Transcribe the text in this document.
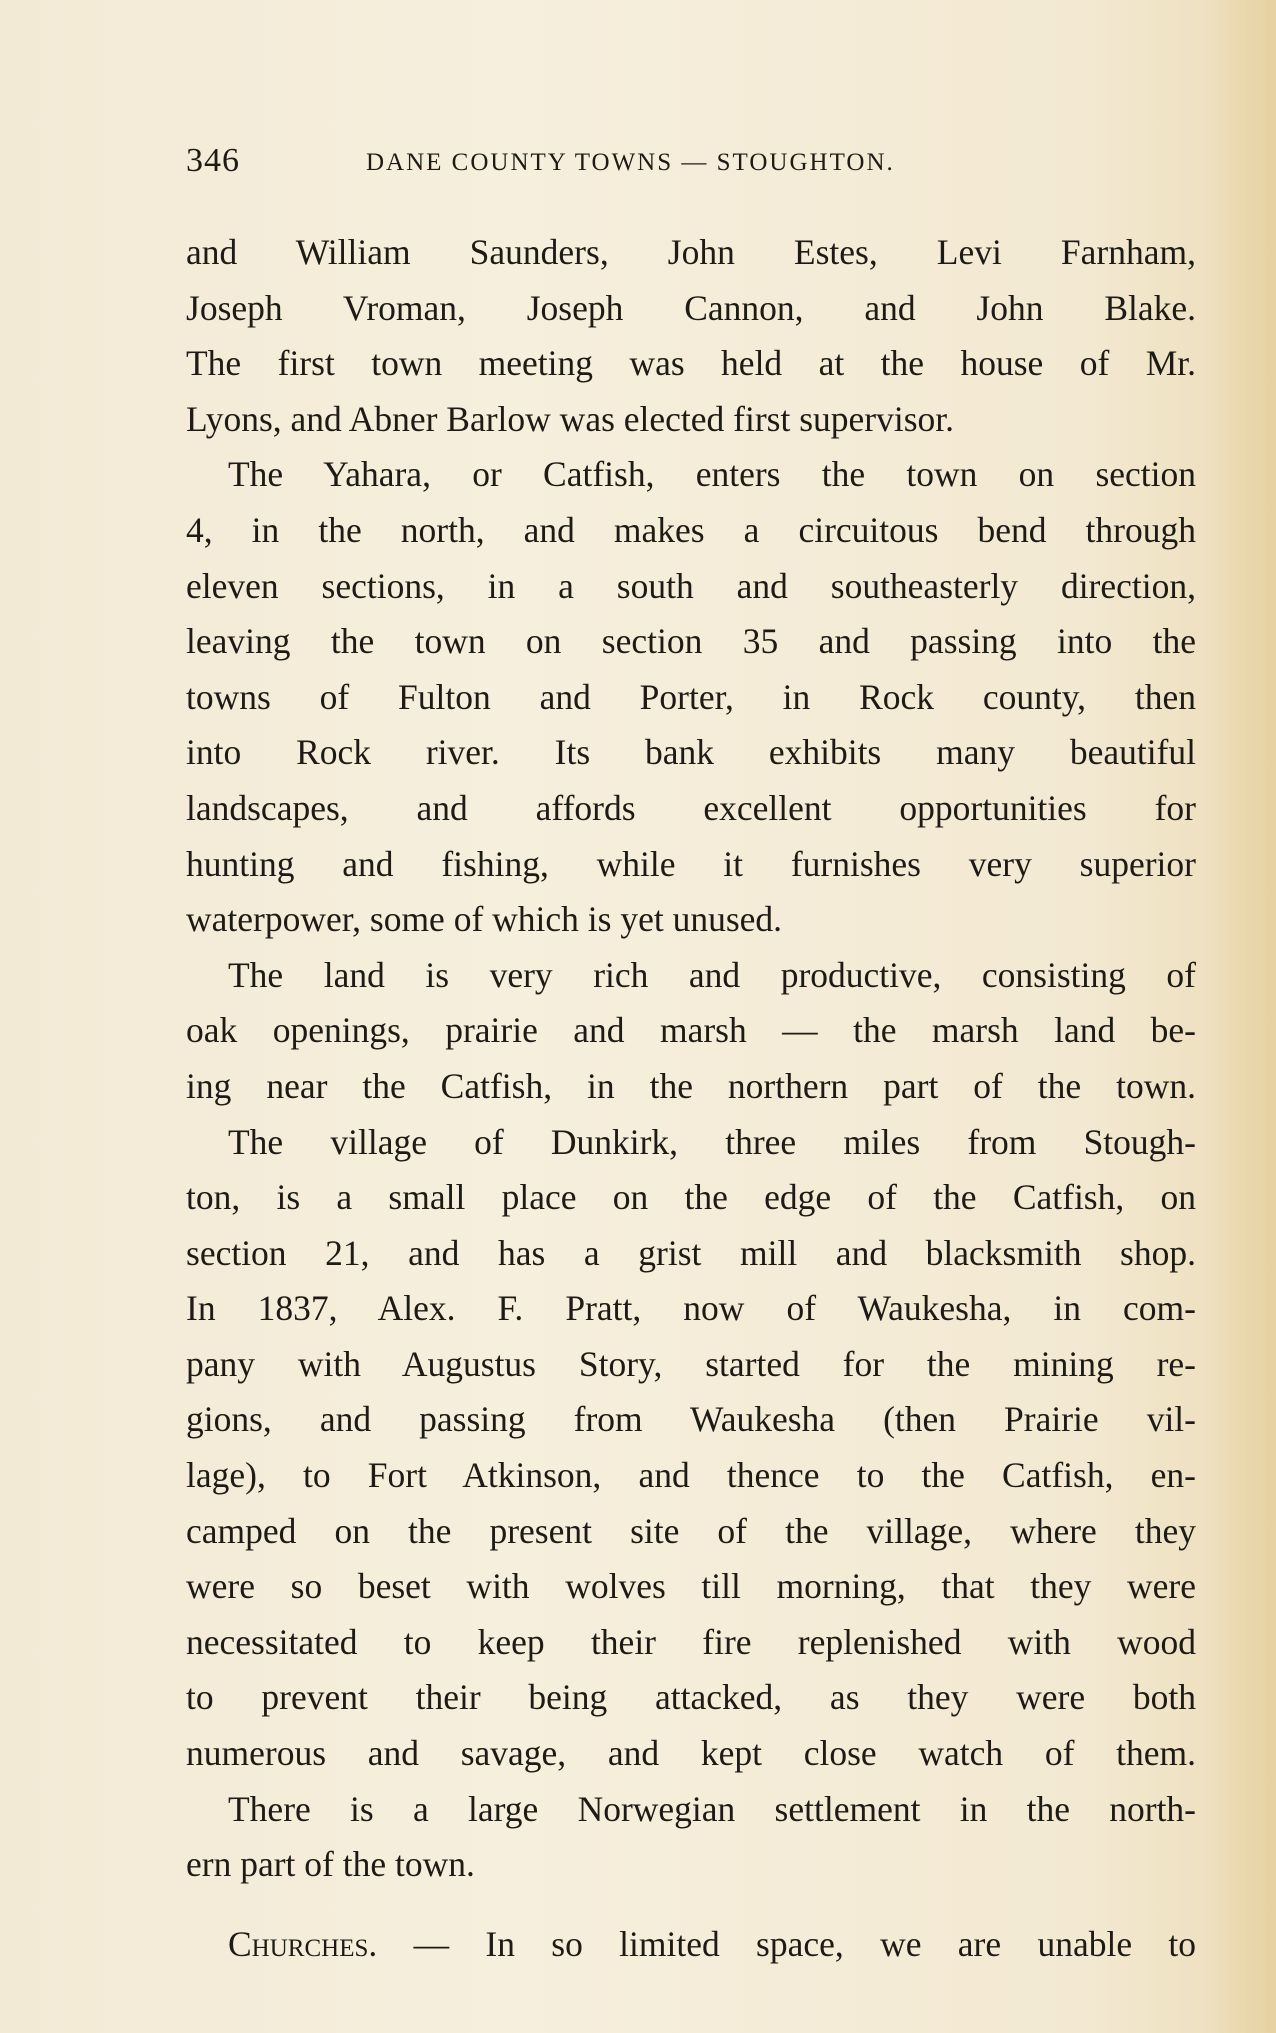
346	DANE COUNTY TOWNS — STOUGHTON.
and William Saunders, John Estes, Levi Farnham,
Joseph Vroman, Joseph Cannon, and John Blake.
The first town meeting was held at the house of Mr.
Lyons, and Abner Barlow was elected first supervisor.
The Yahara, or Catfish, enters the town on section
4, in the north, and makes a circuitous bend through
eleven sections, in a south and southeasterly direction,
leaving the town on section 35 and passing into the
towns of Fulton and Porter, in Rock county, then
into Rock river. Its bank exhibits many beautiful
landscapes, and affords excellent opportunities for
hunting and fishing, while it furnishes very superior
waterpower, some of which is yet unused.
The land is very rich and productive, consisting of
oak openings, prairie and marsh — the marsh land be-
ing near the Catfish, in the northern part of the town.
The village of Dunkirk, three miles from Stough-
ton, is a small place on the edge of the Catfish, on
section 21, and has a grist mill and blacksmith shop.
In 1837, Alex. F. Pratt, now of Waukesha, in com-
pany with Augustus Story, started for the mining re-
gions, and passing from Waukesha (then Prairie vil-
lage), to Fort Atkinson, and thence to the Catfish, en-
camped on the present site of the village, where they
were so beset with wolves till morning, that they were
necessitated to keep their fire replenished with wood
to prevent their being attacked, as they were both
numerous and savage, and kept close watch of them.
There is a large Norwegian settlement in the north-
ern part of the town.
Churches. — In so limited space, we are unable to
